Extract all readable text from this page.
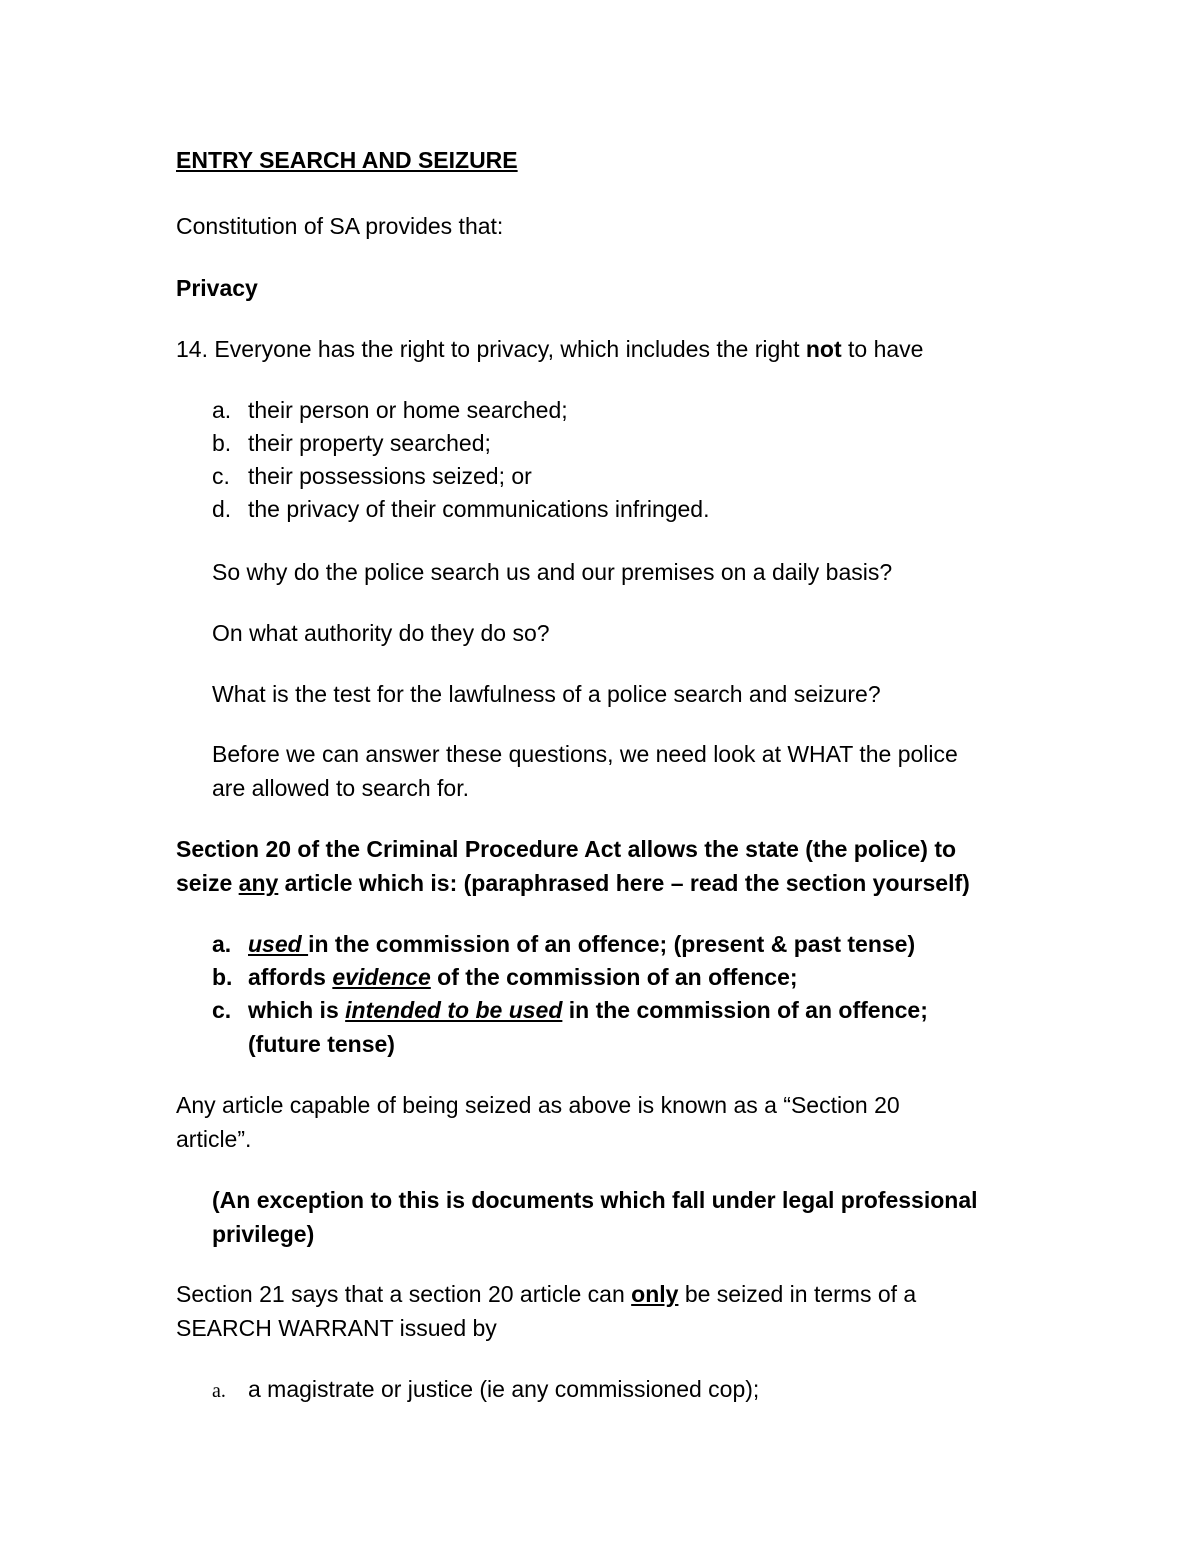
ENTRY SEARCH AND SEIZURE
Constitution of SA provides that:
Privacy
14. Everyone has the right to privacy, which includes the right not to have
a. their person or home searched;
b. their property searched;
c. their possessions seized; or
d. the privacy of their communications infringed.
So why do the police search us and our premises on a daily basis?
On what authority do they do so?
What is the test for the lawfulness of a police search and seizure?
Before we can answer these questions, we need look at WHAT the police
are allowed to search for.
Section 20 of the Criminal Procedure Act allows the state (the police) to
seize any article which is: (paraphrased here – read the section yourself)
a. used in the commission of an offence; (present & past tense)
b. affords evidence of the commission of an offence;
c. which is intended to be used in the commission of an offence;
(future tense)
Any article capable of being seized as above is known as a “Section 20
article”.
(An exception to this is documents which fall under legal professional
privilege)
Section 21 says that a section 20 article can only be seized in terms of a
SEARCH WARRANT issued by
a. a magistrate or justice (ie any commissioned cop);
